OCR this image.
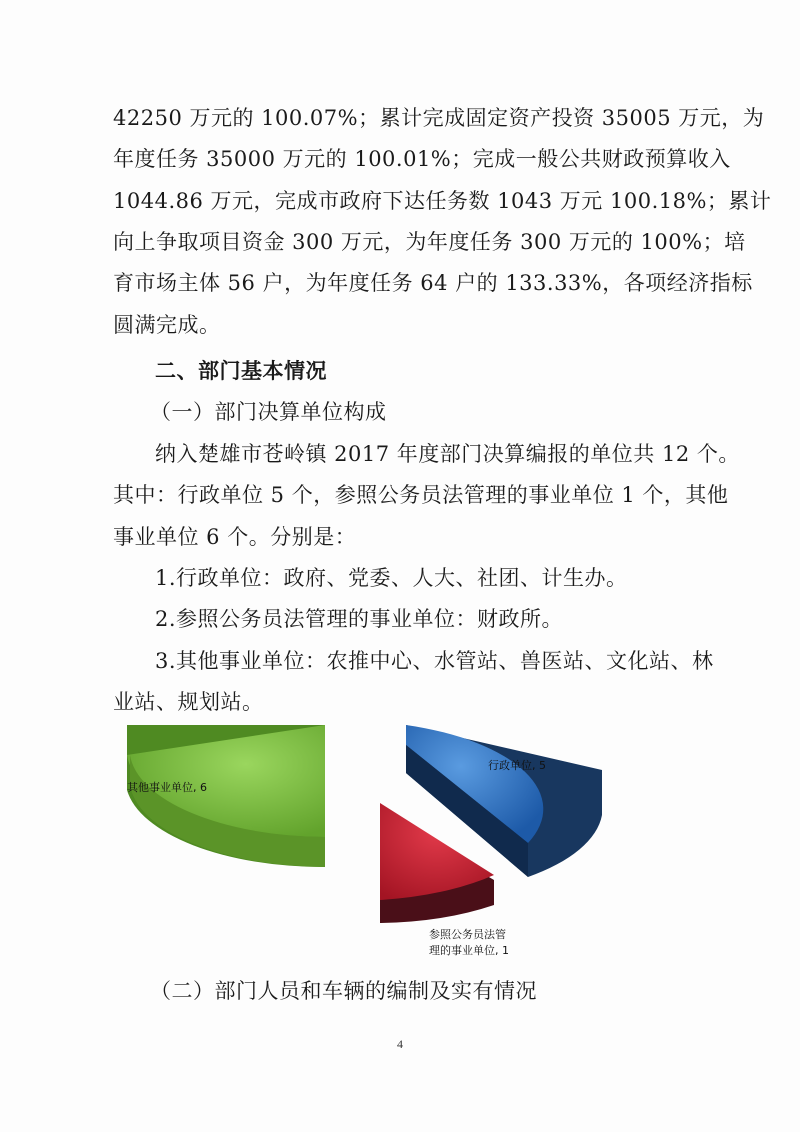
42250 万元的 100.07%；累计完成固定资产投资 35005 万元，为
年度任务 35000 万元的 100.01%；完成一般公共财政预算收入
1044.86 万元，完成市政府下达任务数 1043 万元 100.18%；累计
向上争取项目资金 300 万元，为年度任务 300 万元的 100%；培
育市场主体 56 户，为年度任务 64 户的 133.33%，各项经济指标
圆满完成。
二、部门基本情况
（一）部门决算单位构成
纳入楚雄市苍岭镇 2017 年度部门决算编报的单位共 12 个。
其中：行政单位 5 个，参照公务员法管理的事业单位 1 个，其他
事业单位 6 个。分别是：
1.行政单位：政府、党委、人大、社团、计生办。
2.参照公务员法管理的事业单位：财政所。
3.其他事业单位：农推中心、水管站、兽医站、文化站、林
业站、规划站。
行政单位, 5
其他事业单位, 6
参照公务员法管
理的事业单位, 1
（二）部门人员和车辆的编制及实有情况
4
